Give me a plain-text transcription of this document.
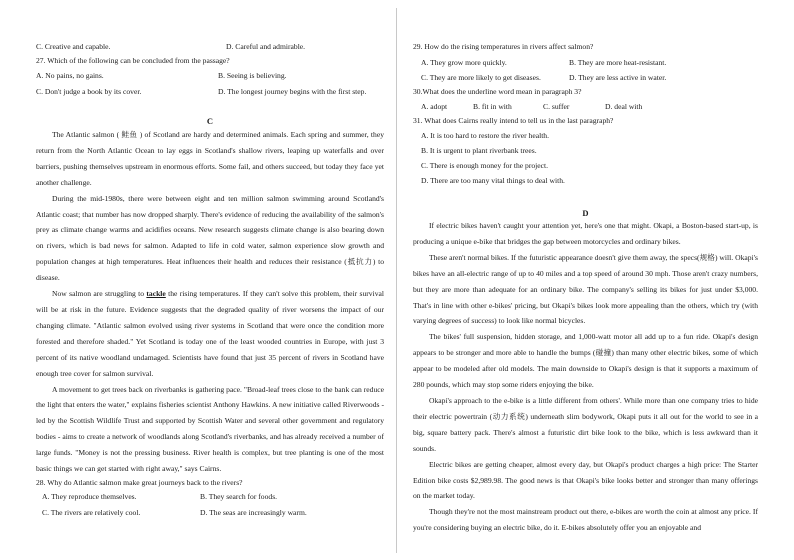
C. Creative and capable.	D. Careful and admirable.
27. Which of the following can be concluded from the passage?
A. No pains, no gains.	B. Seeing is believing.
C. Don't judge a book by its cover.	D. The longest journey begins with the first step.
C

The Atlantic salmon ( 鲑鱼 ) of Scotland are hardy and determined animals. Each spring and summer, they return from the North Atlantic Ocean to lay eggs in Scotland's shallow rivers, leaping up waterfalls and over barriers, pushing themselves upstream in enormous efforts. Some fail, and others succeed, but today they face yet another challenge.

During the mid-1980s, there were between eight and ten million salmon swimming around Scotland's Atlantic coast; that number has now dropped sharply. There's evidence of reducing the availability of the salmon's prey as climate change warms and acidifies oceans. New research suggests climate change is also bearing down on rivers, which is bad news for salmon. Adapted to life in cold water, salmon experience slow growth and population changes at high temperatures. Heat influences their health and reduces their resistance (抵抗力) to disease.

Now salmon are struggling to tackle the rising temperatures. If they can't solve this problem, their survival will be at risk in the future. Evidence suggests that the degraded quality of river worsens the impact of our changing climate. "Atlantic salmon evolved using river systems in Scotland that were once the condition more forested and therefore shaded." Yet Scotland is today one of the least wooded countries in Europe, with just 3 percent of its native woodland undamaged. Scientists have found that just 35 percent of rivers in Scotland have enough tree cover for salmon survival.

A movement to get trees back on riverbanks is gathering pace. "Broad-leaf trees close to the bank can reduce the light that enters the water," explains fisheries scientist Anthony Hawkins. A new initiative called Riverwoods - led by the Scottish Wildlife Trust and supported by Scottish Water and several other government and regulatory bodies - aims to create a network of woodlands along Scotland's riverbanks, and has already received a number of large funds. "Money is not the pressing business. River health is complex, but tree planting is one of the most basic things we can get started with right away," says Cairns.

28. Why do Atlantic salmon make great journeys back to the rivers?
A. They reproduce themselves.	B. They search for foods.
C. The rivers are relatively cool.	D. The seas are increasingly warm.
29. How do the rising temperatures in rivers affect salmon?
A. They grow more quickly.	B. They are more heat-resistant.
C. They are more likely to get diseases.	D. They are less active in water.
30.What does the underline word mean in paragraph 3?
A. adopt	B. fit in with	C. suffer	D. deal with
31. What does Cairns really intend to tell us in the last paragraph?
A. It is too hard to restore the river health.
B. It is urgent to plant riverbank trees.
C. There is enough money for the project.
D. There are too many vital things to deal with.
D

If electric bikes haven't caught your attention yet, here's one that might. Okapi, a Boston-based start-up, is producing a unique e-bike that bridges the gap between motorcycles and ordinary bikes.

These aren't normal bikes. If the futuristic appearance doesn't give them away, the specs(规格) will. Okapi's bikes have an all-electric range of up to 40 miles and a top speed of around 30 mph. Those aren't crazy numbers, but they are more than adequate for an ordinary bike. The company's selling its bikes for just under $3,000. That's in line with other e-bikes' pricing, but Okapi's bikes look more appealing than the others, which try (with varying degrees of success) to look like normal bicycles.

The bikes' full suspension, hidden storage, and 1,000-watt motor all add up to a fun ride. Okapi's design appears to be stronger and more able to handle the bumps (碰撞) than many other electric bikes, some of which appear to be modeled after old models. The main downside to Okapi's design is that it supports a maximum of 280 pounds, which may stop some riders enjoying the bike.

Okapi's approach to the e-bike is a little different from others'. While more than one company tries to hide their electric powertrain (动力系统) underneath slim bodywork, Okapi puts it all out for the world to see in a big, square battery pack. There's almost a futuristic dirt bike look to the bike, which is less awkward than it sounds.

Electric bikes are getting cheaper, almost every day, but Okapi's product charges a high price: The Starter Edition bike costs $2,989.98. The good news is that Okapi's bike looks better and stronger than many offerings on the market today.

Though they're not the most mainstream product out there, e-bikes are worth the coin at almost any price. If you're considering buying an electric bike, do it. E-bikes absolutely offer you an enjoyable and
